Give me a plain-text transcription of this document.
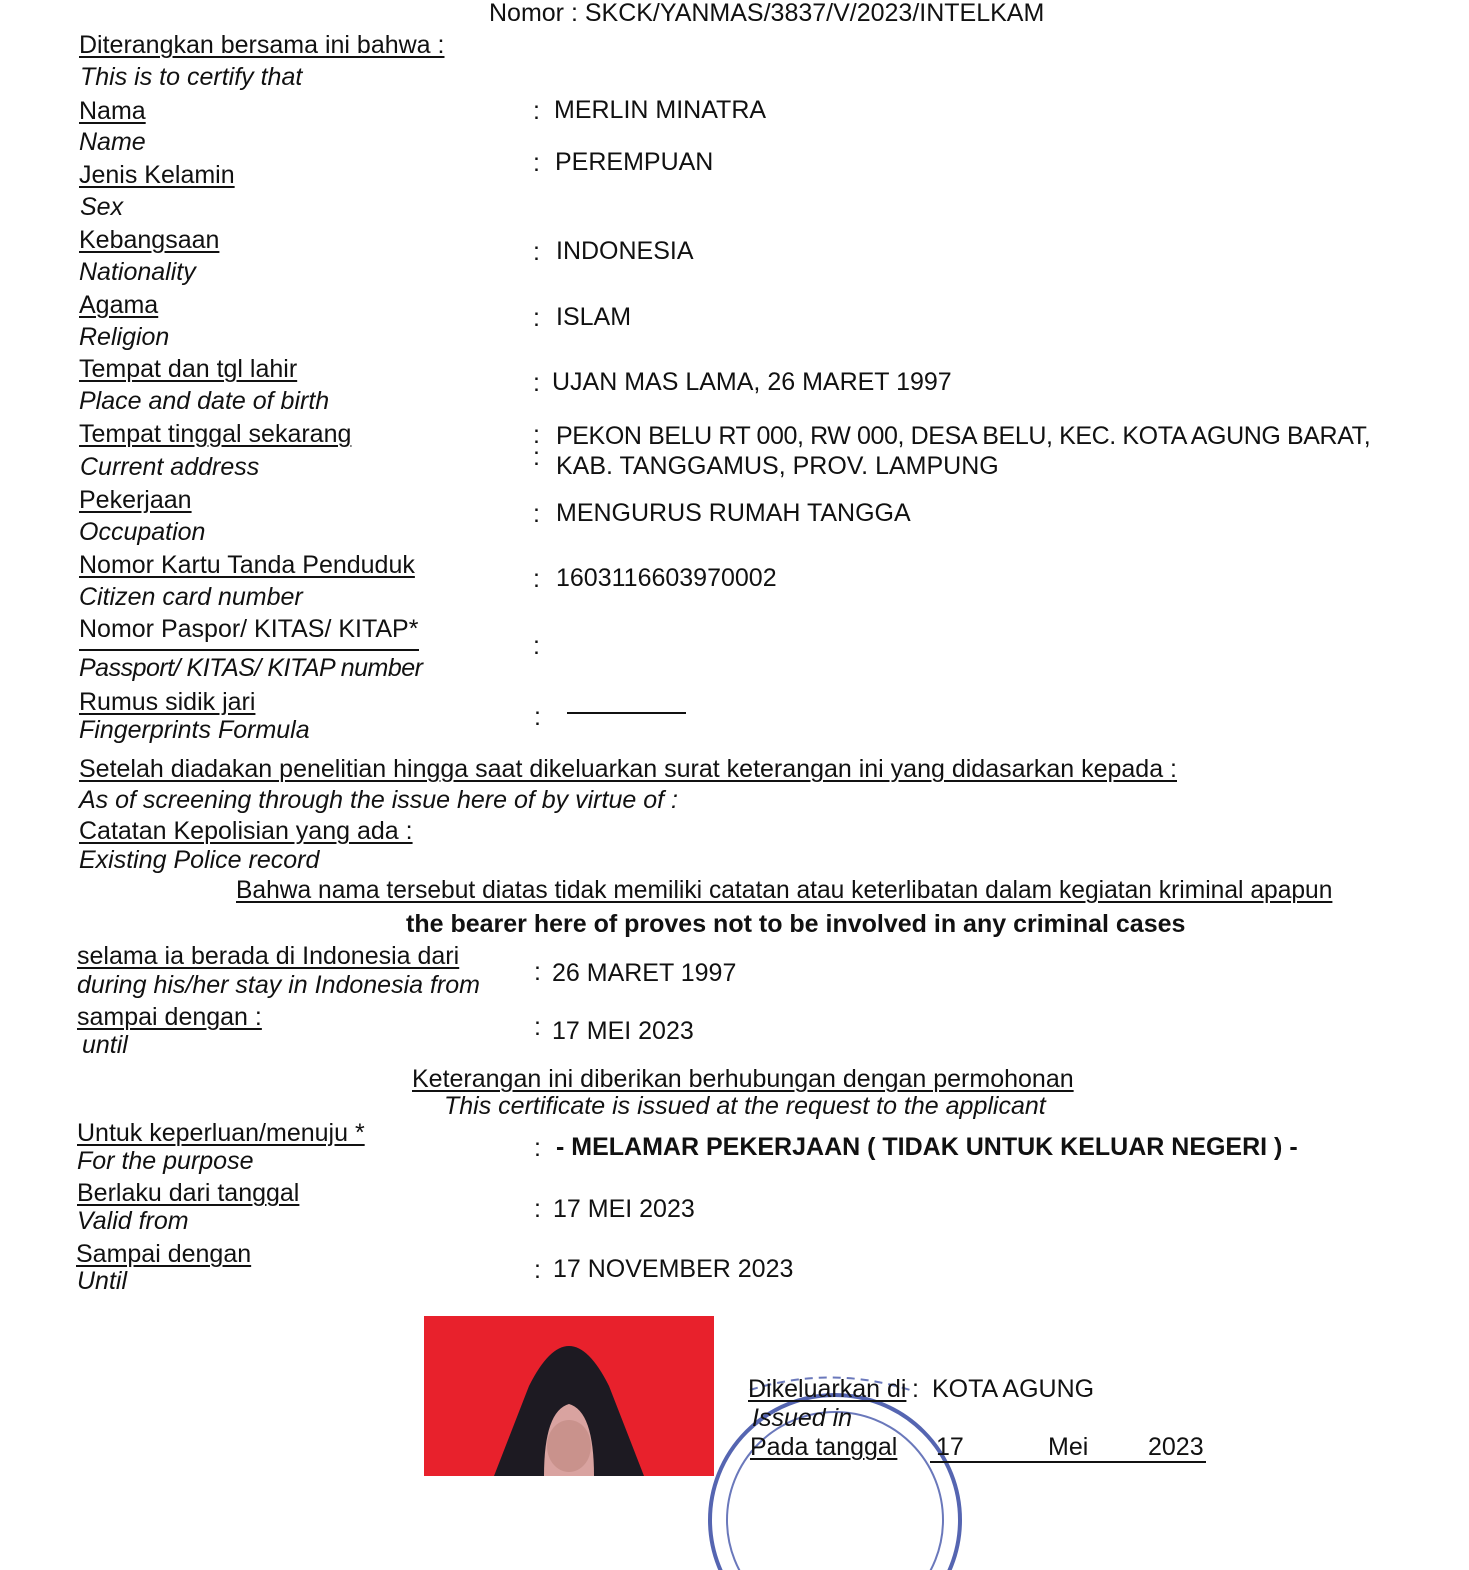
Nomor : SKCK/YANMAS/3837/V/2023/INTELKAM
Diterangkan bersama ini bahwa :
This is to certify that
Nama
Name
: MERLIN MINATRA
Jenis Kelamin
Sex
: PEREMPUAN
Kebangsaan
Nationality
: INDONESIA
Agama
Religion
: ISLAM
Tempat dan tgl lahir
Place and date of birth
: UJAN MAS LAMA, 26 MARET 1997
Tempat tinggal sekarang
Current address
:
:
PEKON BELU RT 000, RW 000, DESA BELU, KEC. KOTA AGUNG BARAT,
KAB. TANGGAMUS, PROV. LAMPUNG
Pekerjaan
Occupation
: MENGURUS RUMAH TANGGA
Nomor Kartu Tanda Penduduk
Citizen card number
: 1603116603970002
Nomor Paspor/ KITAS/ KITAP*
Passport/ KITAS/ KITAP number
:
Rumus sidik jari
Fingerprints Formula	:
Setelah diadakan penelitian hingga saat dikeluarkan surat keterangan ini yang didasarkan kepada :
As of screening through the issue here of by virtue of :
Catatan Kepolisian yang ada :
Existing Police record
Bahwa nama tersebut diatas tidak memiliki catatan atau keterlibatan dalam kegiatan kriminal apapun
the bearer here of proves not to be involved in any criminal cases
selama ia berada di Indonesia dari
during his/her stay in Indonesia from : 26 MARET 1997
sampai dengan :
until
: 17 MEI 2023
Keterangan ini diberikan berhubungan dengan permohonan
This certificate is issued at the request to the applicant
Untuk keperluan/menuju *
For the purpose	: - MELAMAR PEKERJAAN ( TIDAK UNTUK KELUAR NEGERI ) -
Berlaku dari tanggal
Valid from	: 17 MEI 2023
Sampai dengan
Until	: 17 NOVEMBER 2023
Dikeluarkan di : KOTA AGUNG
Issued in
Pada tanggal 17	Mei 2023
